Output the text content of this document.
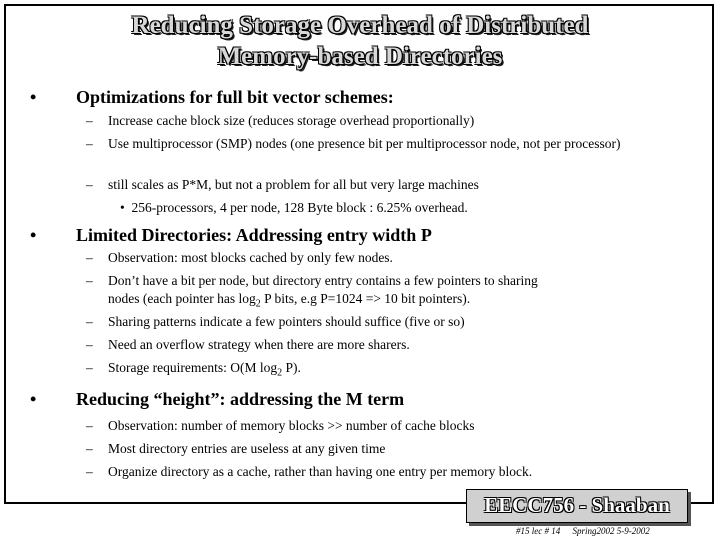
Reducing Storage Overhead of Distributed
Memory-based Directories
• Optimizations for full bit vector schemes:
– Increase cache block size (reduces storage overhead proportionally)
– Use multiprocessor (SMP) nodes (one presence bit per multiprocessor node, not per processor)
– still scales as P*M, but not a problem for all but very large machines
• 256-processors, 4 per node, 128 Byte block : 6.25% overhead.
• Limited Directories: Addressing entry width P
– Observation: most blocks cached by only few nodes.
– Don’t have a bit per node, but directory entry contains a few pointers to sharing
nodes (each pointer has $\log_2 P$ bits, e.g P=1024 => 10 bit pointers).
– Sharing patterns indicate a few pointers should suffice (five or so)
– Need an overflow strategy when there are more sharers.
– Storage requirements: O(M $\log_2 P$).
• Reducing “height”: addressing the M term
– Observation: number of memory blocks >> number of cache blocks
– Most directory entries are useless at any given time
– Organize directory as a cache, rather than having one entry per memory block.
EECC756 - Shaaban
#15 lec # 14 Spring2002 5-9-2002
